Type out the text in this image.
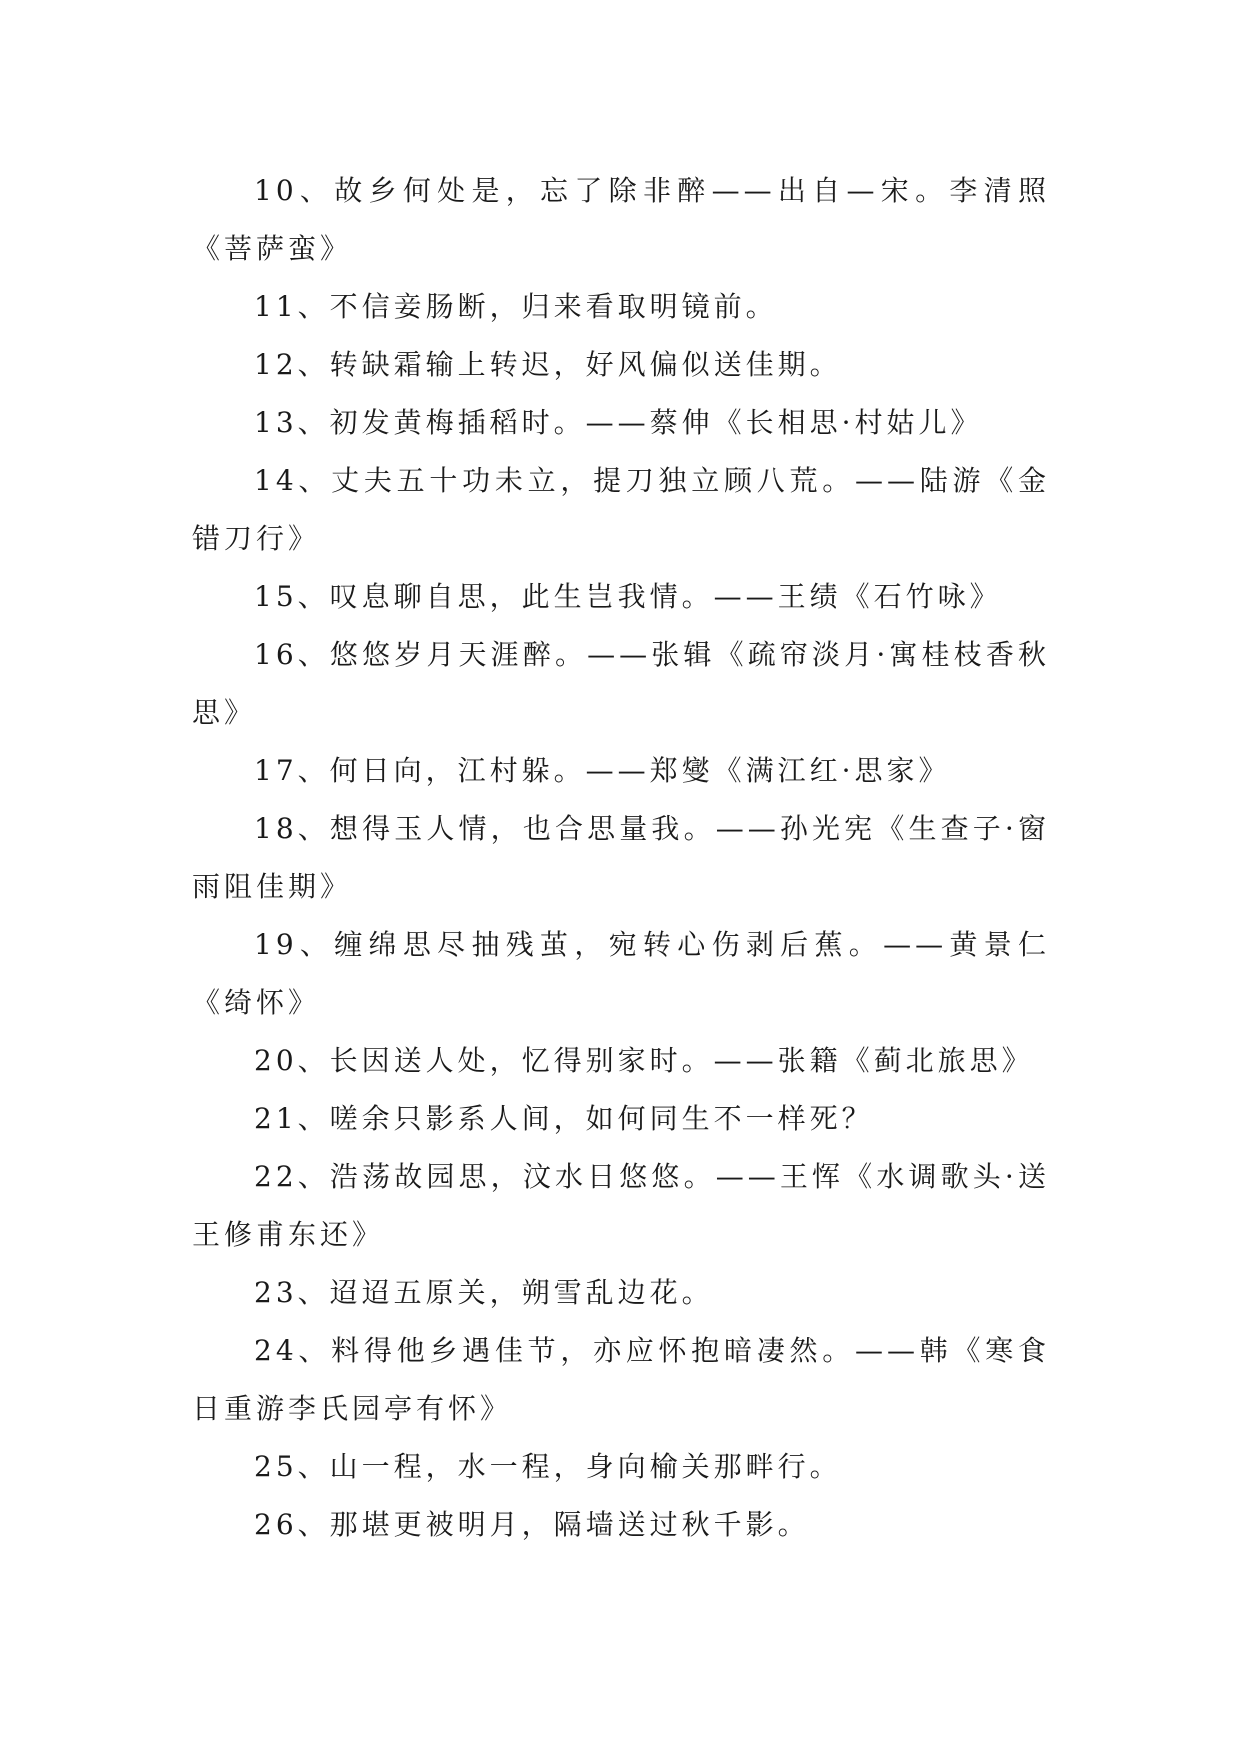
10、故乡何处是，忘了除非醉——出自—宋。李清照《菩萨蛮》

11、不信妾肠断，归来看取明镜前。

12、转缺霜输上转迟，好风偏似送佳期。

13、初发黄梅插稻时。——蔡伸《长相思·村姑儿》

14、丈夫五十功未立，提刀独立顾八荒。——陆游《金错刀行》

15、叹息聊自思，此生岂我情。——王绩《石竹咏》

16、悠悠岁月天涯醉。——张辑《疏帘淡月·寓桂枝香秋思》

17、何日向，江村躲。——郑燮《满江红·思家》

18、想得玉人情，也合思量我。——孙光宪《生查子·窗雨阻佳期》

19、缠绵思尽抽残茧，宛转心伤剥后蕉。——黄景仁《绮怀》

20、长因送人处，忆得别家时。——张籍《蓟北旅思》

21、嗟余只影系人间，如何同生不一样死？

22、浩荡故园思，汶水日悠悠。——王恽《水调歌头·送王修甫东还》

23、迢迢五原关，朔雪乱边花。

24、料得他乡遇佳节，亦应怀抱暗凄然。——韩《寒食日重游李氏园亭有怀》

25、山一程，水一程，身向榆关那畔行。

26、那堪更被明月，隔墙送过秋千影。
